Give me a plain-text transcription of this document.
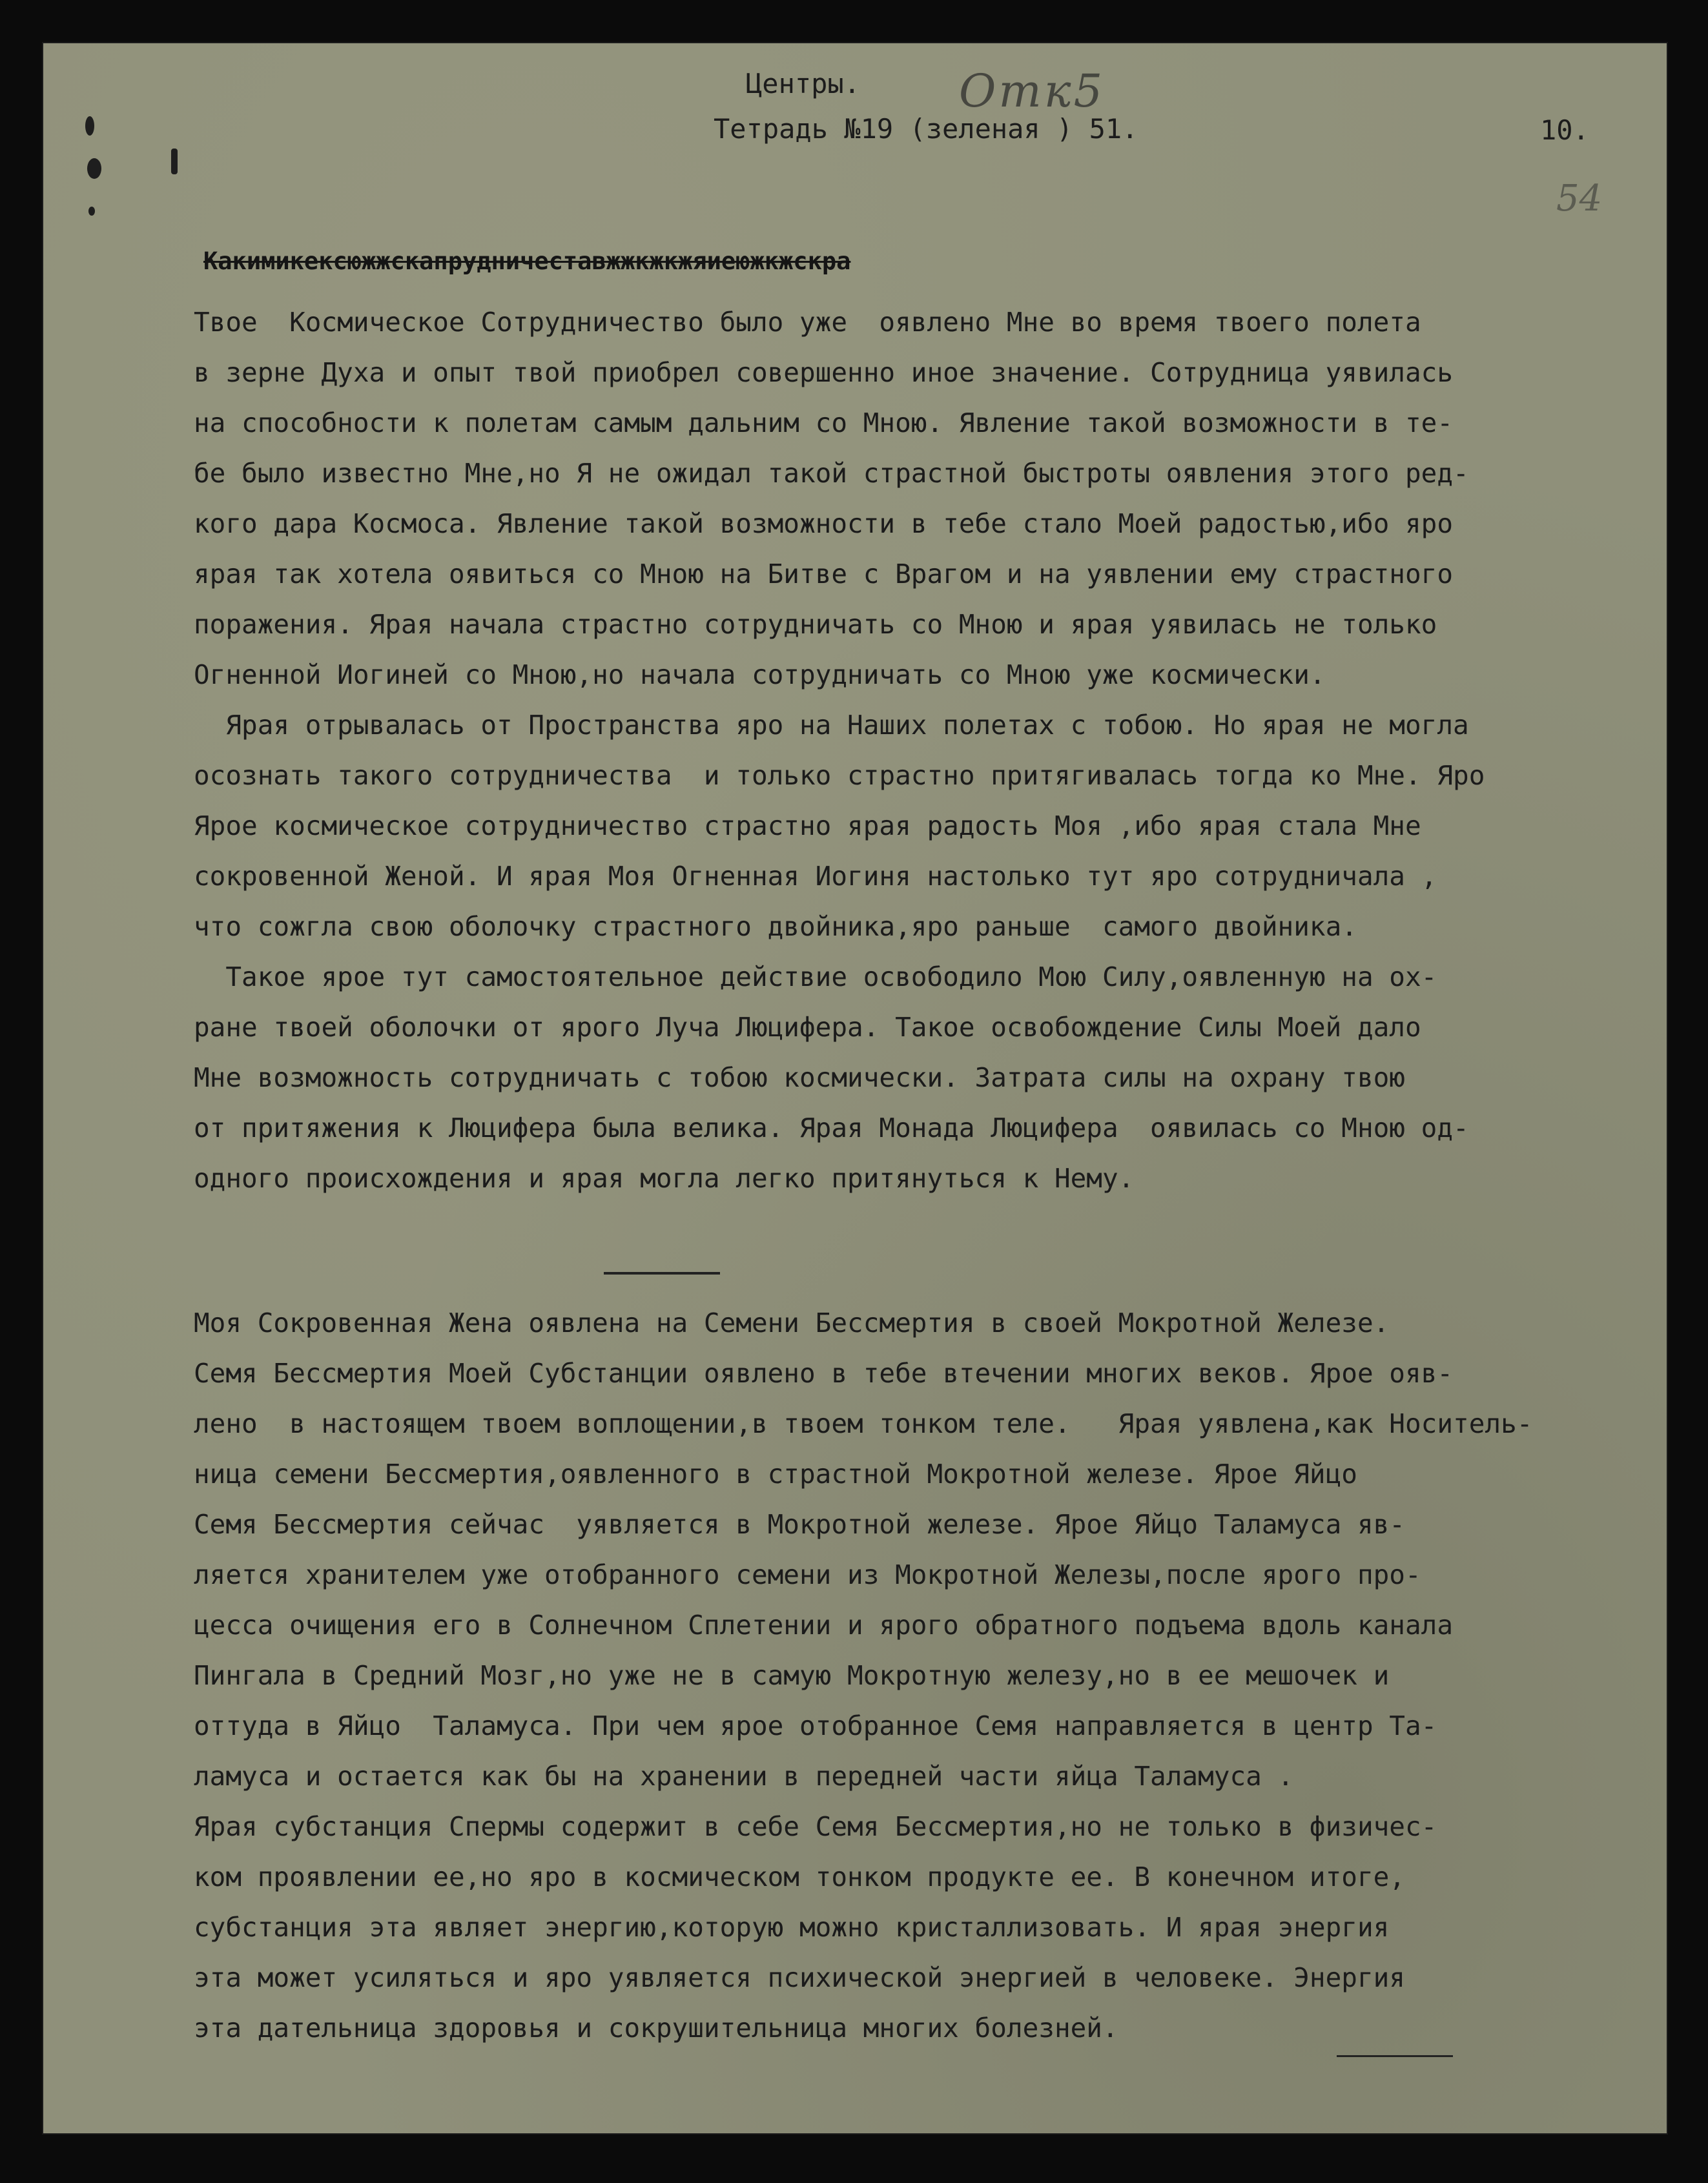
Центры. Отк5
Тетрадь №19 (зеленая ) 51.	10.
54
Какимикексюжжскапрудничеставжжкжкжяиеюжкжскра

Твое  Космическое Сотрудничество было уже  оявлено Мне во время твоего полета

в зерне Духа и опыт твой приобрел совершенно иное значение. Сотрудница уявилась

на способности к полетам самым дальним со Мною. Явление такой возможности в те-

бе было известно Мне,но Я не ожидал такой страстной быстроты оявления этого ред-

кого дара Космоса. Явление такой возможности в тебе стало Моей радостью,ибо яро

ярая так хотела оявиться со Мною на Битве с Врагом и на уявлении ему страстного

поражения. Ярая начала страстно сотрудничать со Мною и ярая уявилась не только

Огненной Иогиней со Мною,но начала сотрудничать со Мною уже космически.

Ярая отрывалась от Пространства яро на Наших полетах с тобою. Но ярая не могла

осознать такого сотрудничества  и только страстно притягивалась тогда ко Мне. Яро

Ярое космическое сотрудничество страстно ярая радость Моя ,ибо ярая стала Мне

сокровенной Женой. И ярая Моя Огненная Иогиня настолько тут яро сотрудничала ,

что сожгла свою оболочку страстного двойника,яро раньше  самого двойника.

Такое ярое тут самостоятельное действие освободило Мою Силу,оявленную на ох-

ране твоей оболочки от ярого Луча Люцифера. Такое освобождение Силы Моей дало

Мне возможность сотрудничать с тобою космически. Затрата силы на охрану твою

от притяжения к Люцифера была велика. Ярая Монада Люцифера  оявилась со Мною од-

одного происхождения и ярая могла легко притянуться к Нему.

Моя Сокровенная Жена оявлена на Семени Бессмертия в своей Мокротной Железе.

Семя Бессмертия Моей Субстанции оявлено в тебе втечении многих веков. Ярое ояв-

лено  в настоящем твоем воплощении,в твоем тонком теле.   Ярая уявлена,как Носитель-

ница семени Бессмертия,оявленного в страстной Мокротной железе. Ярое Яйцо

Семя Бессмертия сейчас  уявляется в Мокротной железе. Ярое Яйцо Таламуса яв-

ляется хранителем уже отобранного семени из Мокротной Железы,после ярого про-

цесса очищения его в Солнечном Сплетении и ярого обратного подъема вдоль канала

Пингала в Средний Мозг,но уже не в самую Мокротную железу,но в ее мешочек и

оттуда в Яйцо  Таламуса. При чем ярое отобранное Семя направляется в центр Та-

ламуса и остается как бы на хранении в передней части яйца Таламуса .

Ярая субстанция Спермы содержит в себе Семя Бессмертия,но не только в физичес-

ком проявлении ее,но яро в космическом тонком продукте ее. В конечном итоге,

субстанция эта являет энергию,которую можно кристаллизовать. И ярая энергия

эта может усиляться и яро уявляется психической энергией в человеке. Энергия

эта дательница здоровья и сокрушительница многих болезней.
